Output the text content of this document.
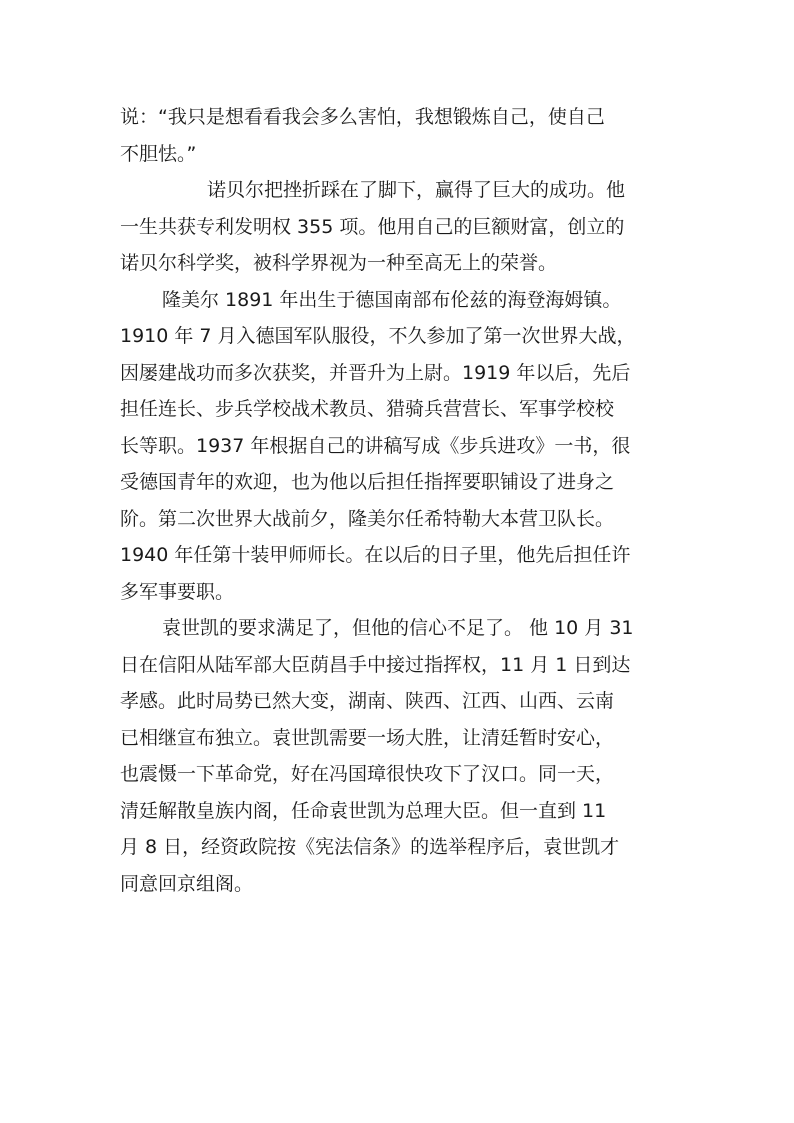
说：“我只是想看看我会多么害怕，我想锻炼自己，使自己
不胆怯。”
诺贝尔把挫折踩在了脚下，赢得了巨大的成功。他
一生共获专利发明权 355 项。他用自己的巨额财富，创立的
诺贝尔科学奖，被科学界视为一种至高无上的荣誉。
隆美尔 1891 年出生于德国南部布伦兹的海登海姆镇。
1910 年 7 月入德国军队服役，不久参加了第一次世界大战，
因屡建战功而多次获奖，并晋升为上尉。1919 年以后，先后
担任连长、步兵学校战术教员、猎骑兵营营长、军事学校校
长等职。1937 年根据自己的讲稿写成《步兵进攻》一书，很
受德国青年的欢迎，也为他以后担任指挥要职铺设了进身之
阶。第二次世界大战前夕，隆美尔任希特勒大本营卫队长。
1940 年任第十装甲师师长。在以后的日子里，他先后担任许
多军事要职。
袁世凯的要求满足了，但他的信心不足了。 他 10 月 31
日在信阳从陆军部大臣荫昌手中接过指挥权，11 月 1 日到达
孝感。此时局势已然大变，湖南、陕西、江西、山西、云南
已相继宣布独立。袁世凯需要一场大胜，让清廷暂时安心，
也震慑一下革命党，好在冯国璋很快攻下了汉口。同一天，
清廷解散皇族内阁，任命袁世凯为总理大臣。但一直到 11
月 8 日，经资政院按《宪法信条》的选举程序后，袁世凯才
同意回京组阁。
